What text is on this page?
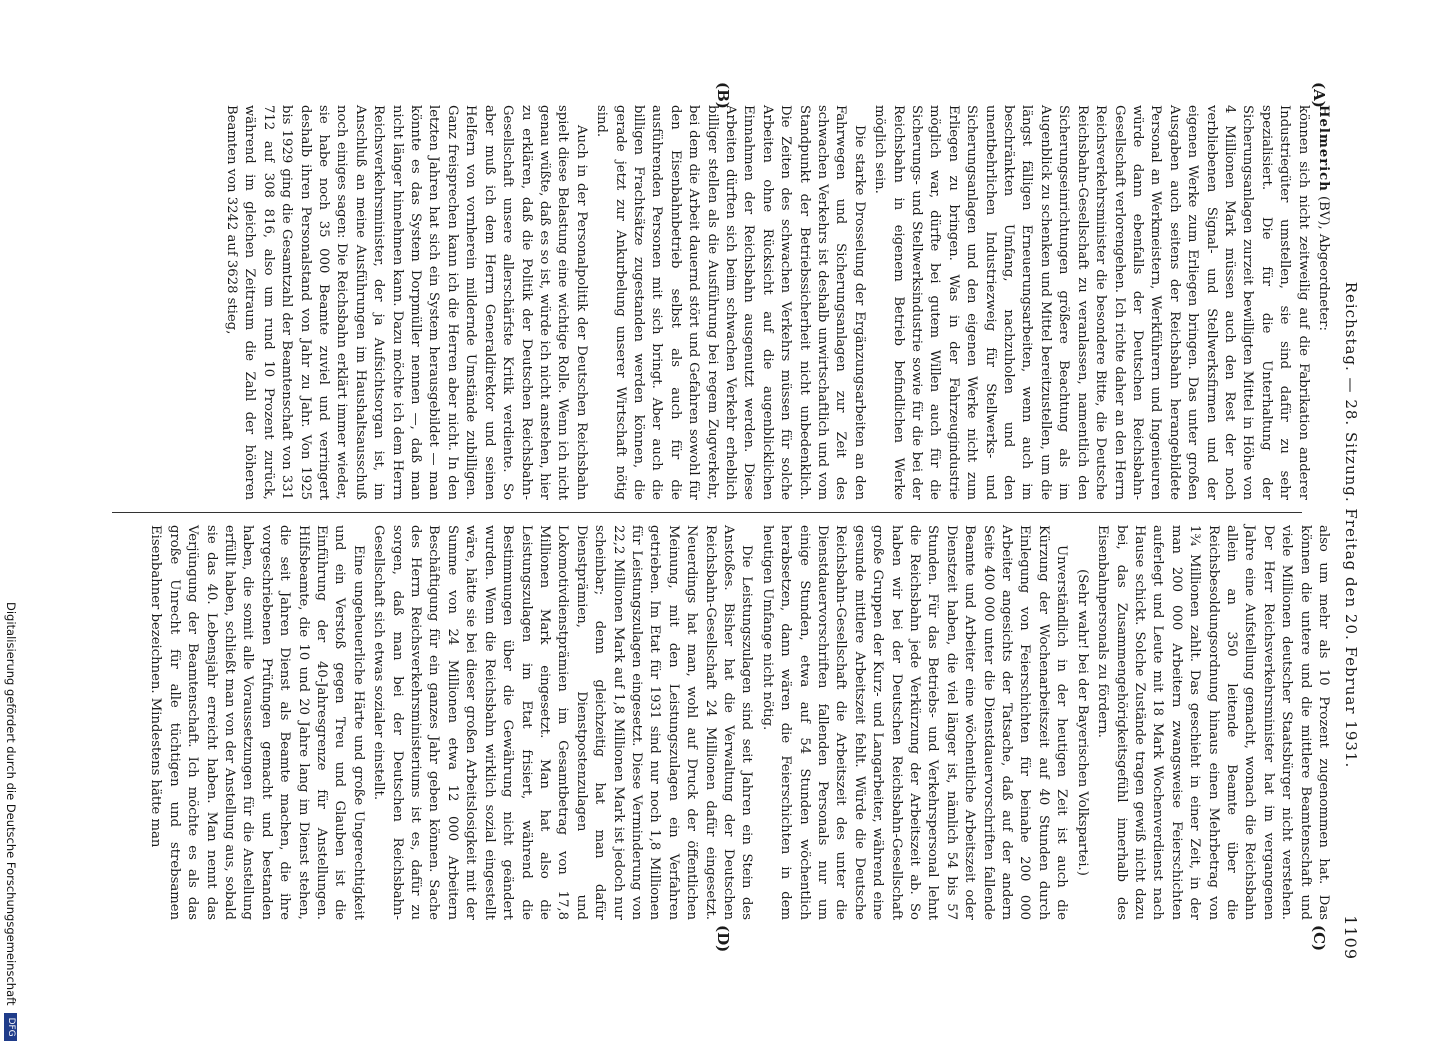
Reichstag. — 28. Sitzung. Freitag den 20. Februar 1931.
1109
(A)
(B)
(C)
(D)

Helmerich (BV), Abgeordneter:

können sich nicht zeitweilig auf die Fabrikation anderer Industriegüter umstellen, sie sind dafür zu sehr spezialisiert. Die für die Unterhaltung der Sicherungsanlagen zurzeit bewilligten Mittel in Höhe von 4 Millionen Mark müssen auch den Rest der noch verbliebenen Signal- und Stellwerksfirmen und der eigenen Werke zum Erliegen bringen. Das unter großen Ausgaben auch seitens der Reichsbahn herangebildete Personal an Werkmeistern, Werkführern und Ingenieuren würde dann ebenfalls der Deutschen Reichsbahn-Gesellschaft verlorengehen. Ich richte daher an den Herrn Reichsverkehrsminister die besondere Bitte, die Deutsche Reichsbahn-Gesellschaft zu veranlassen, namentlich den Sicherungseinrichtungen größere Beachtung als im Augenblick zu schenken und Mittel bereitzustellen, um die längst fälligen Erneuerungsarbeiten, wenn auch im beschränkten Umfang, nachzuholen und den unentbehrlichen Industriezweig für Stellwerks- und Sicherungsanlagen und den eigenen Werke nicht zum Erliegen zu bringen. Was in der Fahrzeugindustrie möglich war, dürfte bei gutem Willen auch für die Sicherungs- und Stellwerksindustrie sowie für die bei der Reichsbahn in eigenem Betrieb befindlichen Werke möglich sein.

Die starke Drosselung der Ergänzungsarbeiten an den Fahrwegen und Sicherungsanlagen zur Zeit des schwachen Verkehrs ist deshalb unwirtschaftlich und vom Standpunkt der Betriebssicherheit nicht unbedenklich. Die Zeiten des schwachen Verkehrs müssen für solche Arbeiten ohne Rücksicht auf die augenblicklichen Einnahmen der Reichsbahn ausgenutzt werden. Diese Arbeiten dürften sich beim schwachen Verkehr erheblich billiger stellen als die Ausführung bei regem Zugverkehr, bei dem die Arbeit dauernd stört und Gefahren sowohl für den Eisenbahnbetrieb selbst als auch für die ausführenden Personen mit sich bringt. Aber auch die billigen Frachtsätze zugestanden werden können, die gerade jetzt zur Ankurbelung unserer Wirtschaft nötig sind.

Auch in der Personalpolitik der Deutschen Reichsbahn spielt diese Belastung eine wichtige Rolle. Wenn ich nicht genau wüßte, daß es so ist, würde ich nicht anstehen, hier zu erklären, daß die Politik der Deutschen Reichsbahn-Gesellschaft unsere allerschärfste Kritik verdiente. So aber muß ich dem Herrn Generaldirektor und seinen Helfern von vornherein mildernde Umstände zubilligen. Ganz freisprechen kann ich die Herren aber nicht. In den letzten Jahren hat sich ein System herausgebildet — man könnte es das System Dorpmüller nennen —, daß man nicht länger hinnehmen kann. Dazu möchte ich dem Herrn Reichsverkehrsminister, der ja Aufsichtsorgan ist, im Anschluß an meine Ausführungen im Haushaltsausschuß noch einiges sagen: Die Reichsbahn erklärt immer wieder, sie habe noch 35 000 Beamte zuviel und verringert deshalb ihren Personalstand von Jahr zu Jahr. Von 1925 bis 1929 ging die Gesamtzahl der Beamtenschaft von 331 712 auf 308 816, also um rund 10 Prozent zurück, während im gleichen Zeitraum die Zahl der höheren Beamten von 3242 auf 3628 stieg,

also um mehr als 10 Prozent zugenommen hat. Das können die untere und die mittlere Beamtenschaft und viele Millionen deutscher Staatsbürger nicht verstehen. Der Herr Reichsverkehrsminister hat im vergangenen Jahre eine Aufstellung gemacht, wonach die Reichsbahn allein an 350 leitende Beamte über die Reichsbesoldungsordnung hinaus einen Mehrbetrag von 1¾ Millionen zahlt. Das geschieht in einer Zeit, in der man 200 000 Arbeitern zwangsweise Feierschichten auferlegt und Leute mit 18 Mark Wochenverdienst nach Hause schickt. Solche Zustände tragen gewiß nicht dazu bei, das Zusammengehörigkeitsgefühl innerhalb des Eisenbahnpersonals zu fördern.

(Sehr wahr! bei der Bayerischen Volkspartei.)

Unverständlich in der heutigen Zeit ist auch die Kürzung der Wochenarbeitszeit auf 40 Stunden durch Einlegung von Feierschichten für beinahe 200 000 Arbeiter angesichts der Tatsache, daß auf der andern Seite 400 000 unter die Dienstdauervorschriften fallende Beamte und Arbeiter eine wöchentliche Arbeitszeit oder Dienstzeit haben, die viel länger ist, nämlich 54 bis 57 Stunden. Für das Betriebs- und Verkehrspersonal lehnt die Reichsbahn jede Verkürzung der Arbeitszeit ab. So haben wir bei der Deutschen Reichsbahn-Gesellschaft große Gruppen der Kurz- und Langarbeiter, während eine gesunde mittlere Arbeitszeit fehlt. Würde die Deutsche Reichsbahn-Gesellschaft die Arbeitszeit des unter die Dienstdauervorschriften fallenden Personals nur um einige Stunden, etwa auf 54 Stunden wöchentlich herabsetzen, dann wären die Feierschichten in dem heutigen Umfange nicht nötig.

Die Leistungszulagen sind seit Jahren ein Stein des Anstoßes. Bisher hat die Verwaltung der Deutschen Reichsbahn-Gesellschaft 24 Millionen dafür eingesetzt. Neuerdings hat man, wohl auf Druck der öffentlichen Meinung, mit den Leistungszulagen ein Verfahren getrieben. Im Etat für 1931 sind nur noch 1,8 Millionen für Leistungszulagen eingesetzt. Diese Verminderung von 22,2 Millionen Mark auf 1,8 Millionen Mark ist jedoch nur scheinbar; denn gleichzeitig hat man dafür Dienstprämien, Dienstpostenzulagen und Lokomotivdienstprämien im Gesamtbetrag von 17,8 Millionen Mark eingesetzt. Man hat also die Leistungszulagen im Etat frisiert, während die Bestimmungen über die Gewährung nicht geändert wurden. Wenn die Reichsbahn wirklich sozial eingestellt wäre, hätte sie bei dieser großen Arbeitslosigkeit mit der Summe von 24 Millionen etwa 12 000 Arbeitern Beschäftigung für ein ganzes Jahr geben können. Sache des Herrn Reichsverkehrsministeriums ist es, dafür zu sorgen, daß man bei der Deutschen Reichsbahn-Gesellschaft sich etwas sozialer einstellt.

Eine ungeheuerliche Härte und große Ungerechtigkeit und ein Verstoß gegen Treu und Glauben ist die Einführung der 40-Jahresgrenze für Anstellungen. Hilfsbeamte, die 10 und 20 Jahre lang im Dienst stehen, die seit Jahren Dienst als Beamte machen, die ihre vorgeschriebenen Prüfungen gemacht und bestanden haben, die somit alle Voraussetzungen für die Anstellung erfüllt haben, schließt man von der Anstellung aus, sobald sie das 40. Lebensjahr erreicht haben. Man nennt das Verjüngung der Beamtenschaft. Ich möchte es als das große Unrecht für alle tüchtigen und strebsamen Eisenbahner bezeichnen. Mindestens hätte man

Digitalisierung gefördert durch die Deutsche Forschungsgemeinschaft DFG
